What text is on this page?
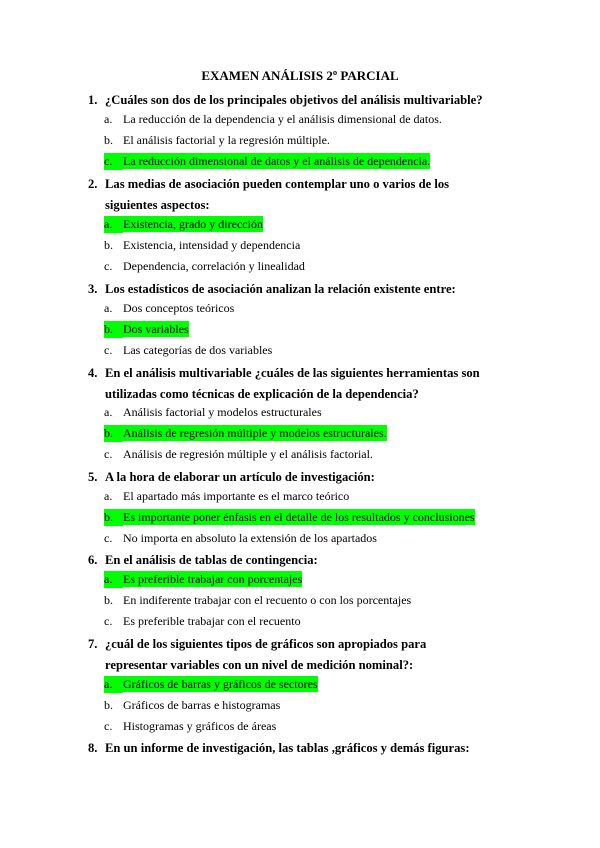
EXAMEN ANÁLISIS 2º PARCIAL
1. ¿Cuáles son dos de los principales objetivos del análisis multivariable?
a. La reducción de la dependencia y el análisis dimensional de datos.
b. El análisis factorial y la regresión múltiple.
c. La reducción dimensional de datos y el análisis de dependencia.
2. Las medias de asociación pueden contemplar uno o varios de los siguientes aspectos:
a. Existencia, grado y dirección
b. Existencia, intensidad y dependencia
c. Dependencia, correlación y linealidad
3. Los estadísticos de asociación analizan la relación existente entre:
a. Dos conceptos teóricos
b. Dos variables
c. Las categorías de dos variables
4. En el análisis multivariable ¿cuáles de las siguientes herramientas son utilizadas como técnicas de explicación de la dependencia?
a. Análisis factorial y modelos estructurales
b. Análisis de regresión múltiple y modelos estructurales.
c. Análisis de regresión múltiple y el análisis factorial.
5. A la hora de elaborar un artículo de investigación:
a. El apartado más importante es el marco teórico
b. Es importante poner énfasis en el detalle de los resultados y conclusiones
c. No importa en absoluto la extensión de los apartados
6. En el análisis de tablas de contingencia:
a. Es preferible trabajar con porcentajes
b. En indiferente trabajar con el recuento o con los porcentajes
c. Es preferible trabajar con el recuento
7. ¿cuál de los siguientes tipos de gráficos son apropiados para representar variables con un nivel de medición nominal?:
a. Gráficos de barras y gráficos de sectores
b. Gráficos de barras e histogramas
c. Histogramas y gráficos de áreas
8. En un informe de investigación, las tablas ,gráficos y demás figuras:
